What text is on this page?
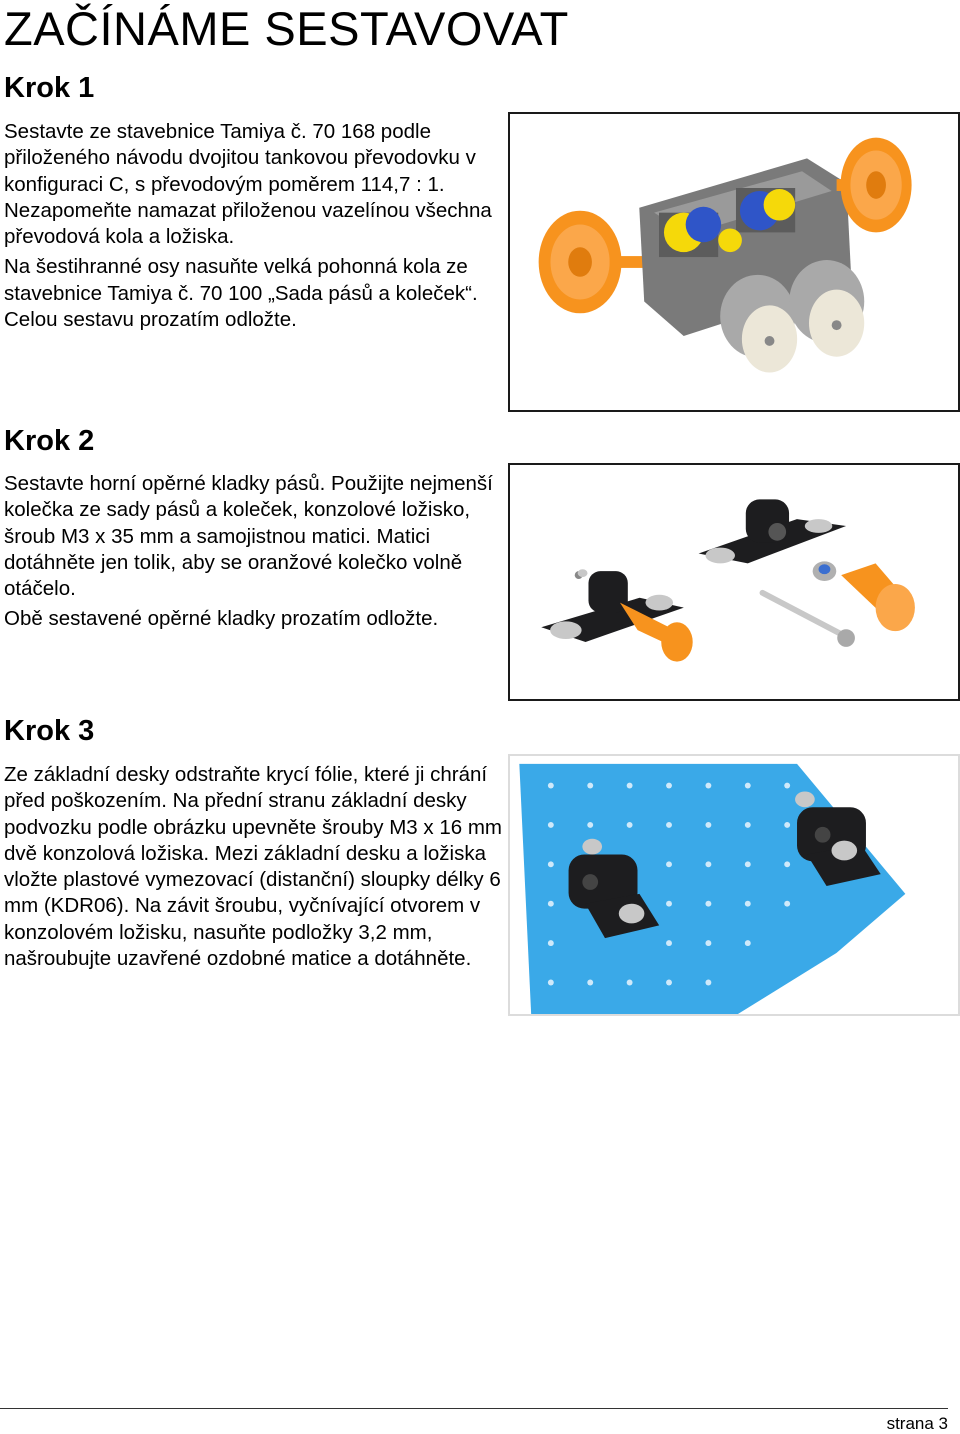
ZAČÍNÁME SESTAVOVAT
Krok 1

Sestavte ze stavebnice Tamiya č. 70 168 podle přiloženého návodu dvojitou tankovou převodovku v konfiguraci C, s převodovým poměrem 114,7 : 1. Nezapomeňte namazat přiloženou vazelínou všechna převodová kola a ložiska.

Na šestihranné osy nasuňte velká pohonná kola ze stavebnice Tamiya č. 70 100 „Sada pásů a koleček“. Celou sestavu prozatím odložte.

Krok 2

Sestavte horní opěrné kladky pásů. Použijte nejmenší kolečka ze sady pásů a koleček, konzolové ložisko, šroub M3 x 35 mm a samojistnou matici. Matici dotáhněte jen tolik, aby se oranžové kolečko volně otáčelo.

Obě sestavené opěrné kladky prozatím odložte.

Krok 3

Ze základní desky odstraňte krycí fólie, které ji chrání před poškozením. Na přední stranu základní desky podvozku podle obrázku upevněte šrouby M3 x 16 mm dvě konzolová ložiska. Mezi základní desku a ložiska vložte plastové vymezovací (distanční) sloupky délky 6 mm (KDR06). Na závit šroubu, vyčnívající otvorem v konzolovém ložisku, nasuňte podložky 3,2 mm, našroubujte uzavřené ozdobné matice a dotáhněte.

strana 3
